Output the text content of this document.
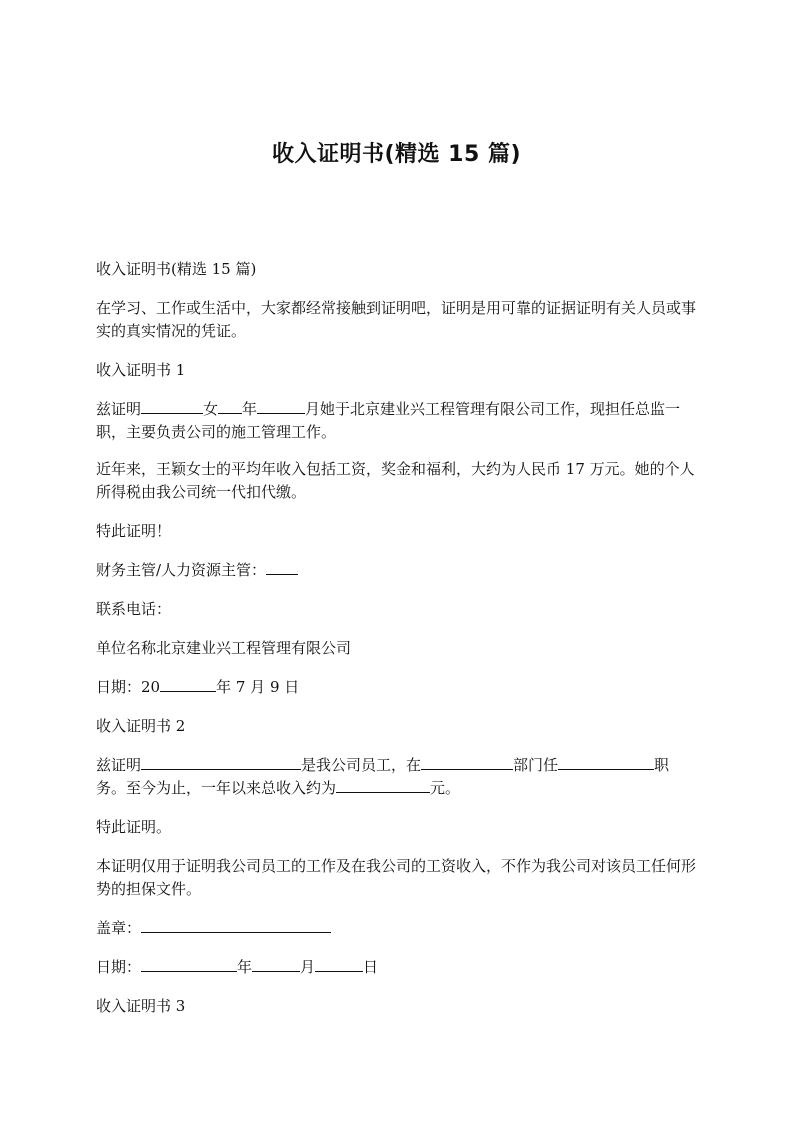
收入证明书(精选 15 篇)

收入证明书(精选 15 篇)

在学习、工作或生活中，大家都经常接触到证明吧，证明是用可靠的证据证明有关人员或事实的真实情况的凭证。

收入证明书 1

兹证明	女 年	月她于北京建业兴工程管理有限公司工作，现担任总监一职，主要负责公司的施工管理工作。

近年来，王颖女士的平均年收入包括工资，奖金和福利，大约为人民币 17 万元。她的个人所得税由我公司统一代扣代缴。

特此证明！

财务主管/人力资源主管：

联系电话：

单位名称北京建业兴工程管理有限公司

日期：20	年 7 月 9 日

收入证明书 2

兹证明	是我公司员工，在	部门任	职务。至今为止，一年以来总收入约为	元。

特此证明。

本证明仅用于证明我公司员工的工作及在我公司的工资收入，不作为我公司对该员工任何形势的担保文件。

盖章：

日期：	年	月	日

收入证明书 3
